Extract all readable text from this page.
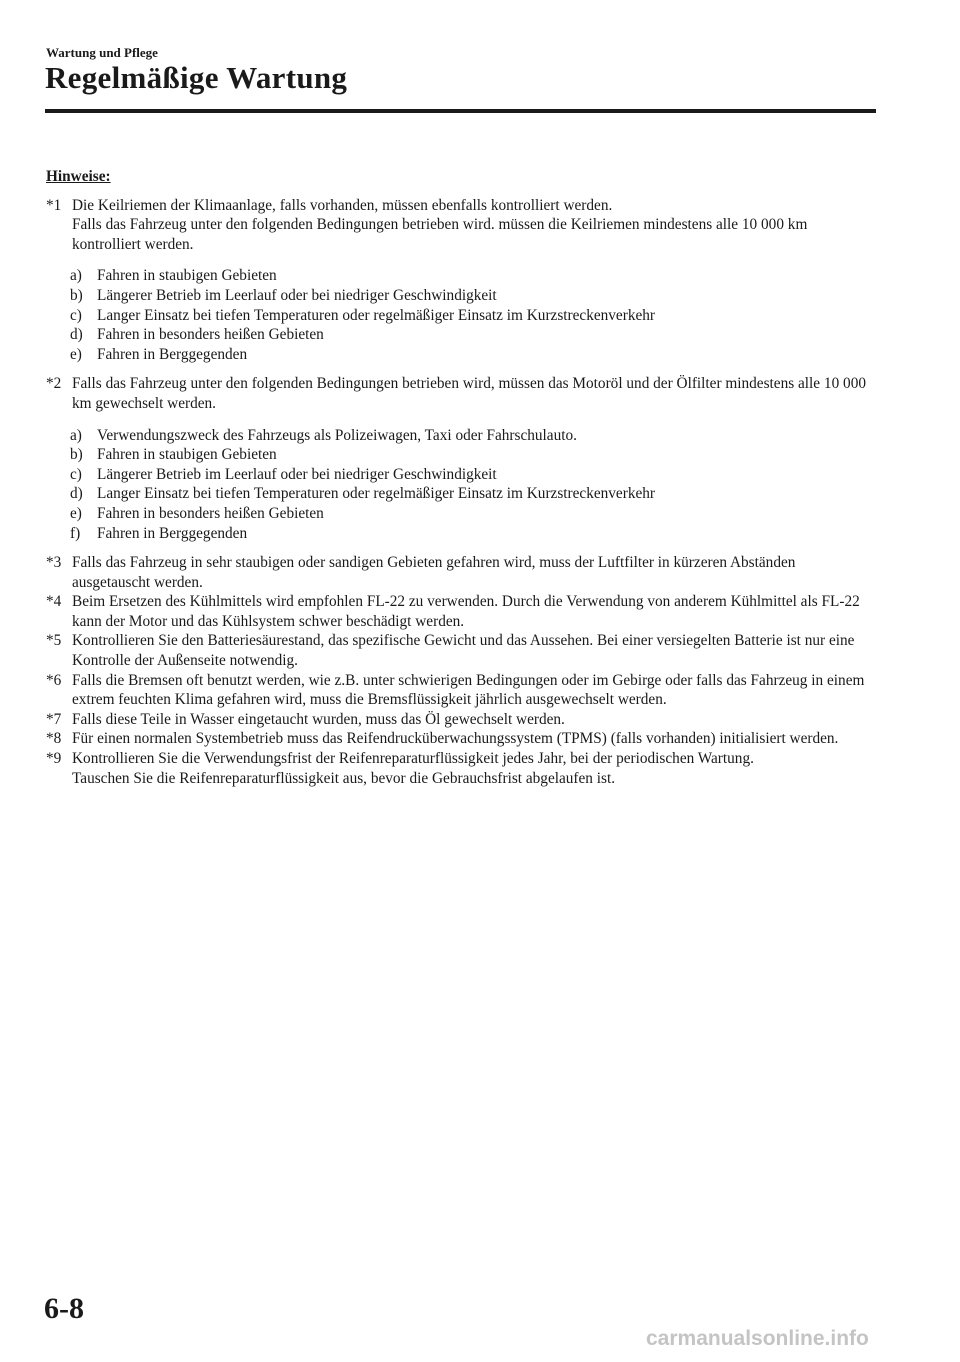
Wartung und Pflege
Regelmäßige Wartung
Hinweise:
*1 Die Keilriemen der Klimaanlage, falls vorhanden, müssen ebenfalls kontrolliert werden.
Falls das Fahrzeug unter den folgenden Bedingungen betrieben wird. müssen die Keilriemen mindestens alle 10 000 km kontrolliert werden.
a) Fahren in staubigen Gebieten
b) Längerer Betrieb im Leerlauf oder bei niedriger Geschwindigkeit
c) Langer Einsatz bei tiefen Temperaturen oder regelmäßiger Einsatz im Kurzstreckenverkehr
d) Fahren in besonders heißen Gebieten
e) Fahren in Berggegenden
*2 Falls das Fahrzeug unter den folgenden Bedingungen betrieben wird, müssen das Motoröl und der Ölfilter mindestens alle 10 000 km gewechselt werden.
a) Verwendungszweck des Fahrzeugs als Polizeiwagen, Taxi oder Fahrschulauto.
b) Fahren in staubigen Gebieten
c) Längerer Betrieb im Leerlauf oder bei niedriger Geschwindigkeit
d) Langer Einsatz bei tiefen Temperaturen oder regelmäßiger Einsatz im Kurzstreckenverkehr
e) Fahren in besonders heißen Gebieten
f)	Fahren in Berggegenden
*3 Falls das Fahrzeug in sehr staubigen oder sandigen Gebieten gefahren wird, muss der Luftfilter in kürzeren Abständen ausgetauscht werden.
*4 Beim Ersetzen des Kühlmittels wird empfohlen FL-22 zu verwenden. Durch die Verwendung von anderem Kühlmittel als FL-22 kann der Motor und das Kühlsystem schwer beschädigt werden.
*5 Kontrollieren Sie den Batteriesäurestand, das spezifische Gewicht und das Aussehen. Bei einer versiegelten Batterie ist nur eine Kontrolle der Außenseite notwendig.
*6 Falls die Bremsen oft benutzt werden, wie z.B. unter schwierigen Bedingungen oder im Gebirge oder falls das Fahrzeug in einem extrem feuchten Klima gefahren wird, muss die Bremsflüssigkeit jährlich ausgewechselt werden.
*7 Falls diese Teile in Wasser eingetaucht wurden, muss das Öl gewechselt werden.
*8 Für einen normalen Systembetrieb muss das Reifendrucküberwachungssystem (TPMS) (falls vorhanden) initialisiert werden.
*9 Kontrollieren Sie die Verwendungsfrist der Reifenreparaturflüssigkeit jedes Jahr, bei der periodischen Wartung.
Tauschen Sie die Reifenreparaturflüssigkeit aus, bevor die Gebrauchsfrist abgelaufen ist.
6-8
carmanualsonline.info
